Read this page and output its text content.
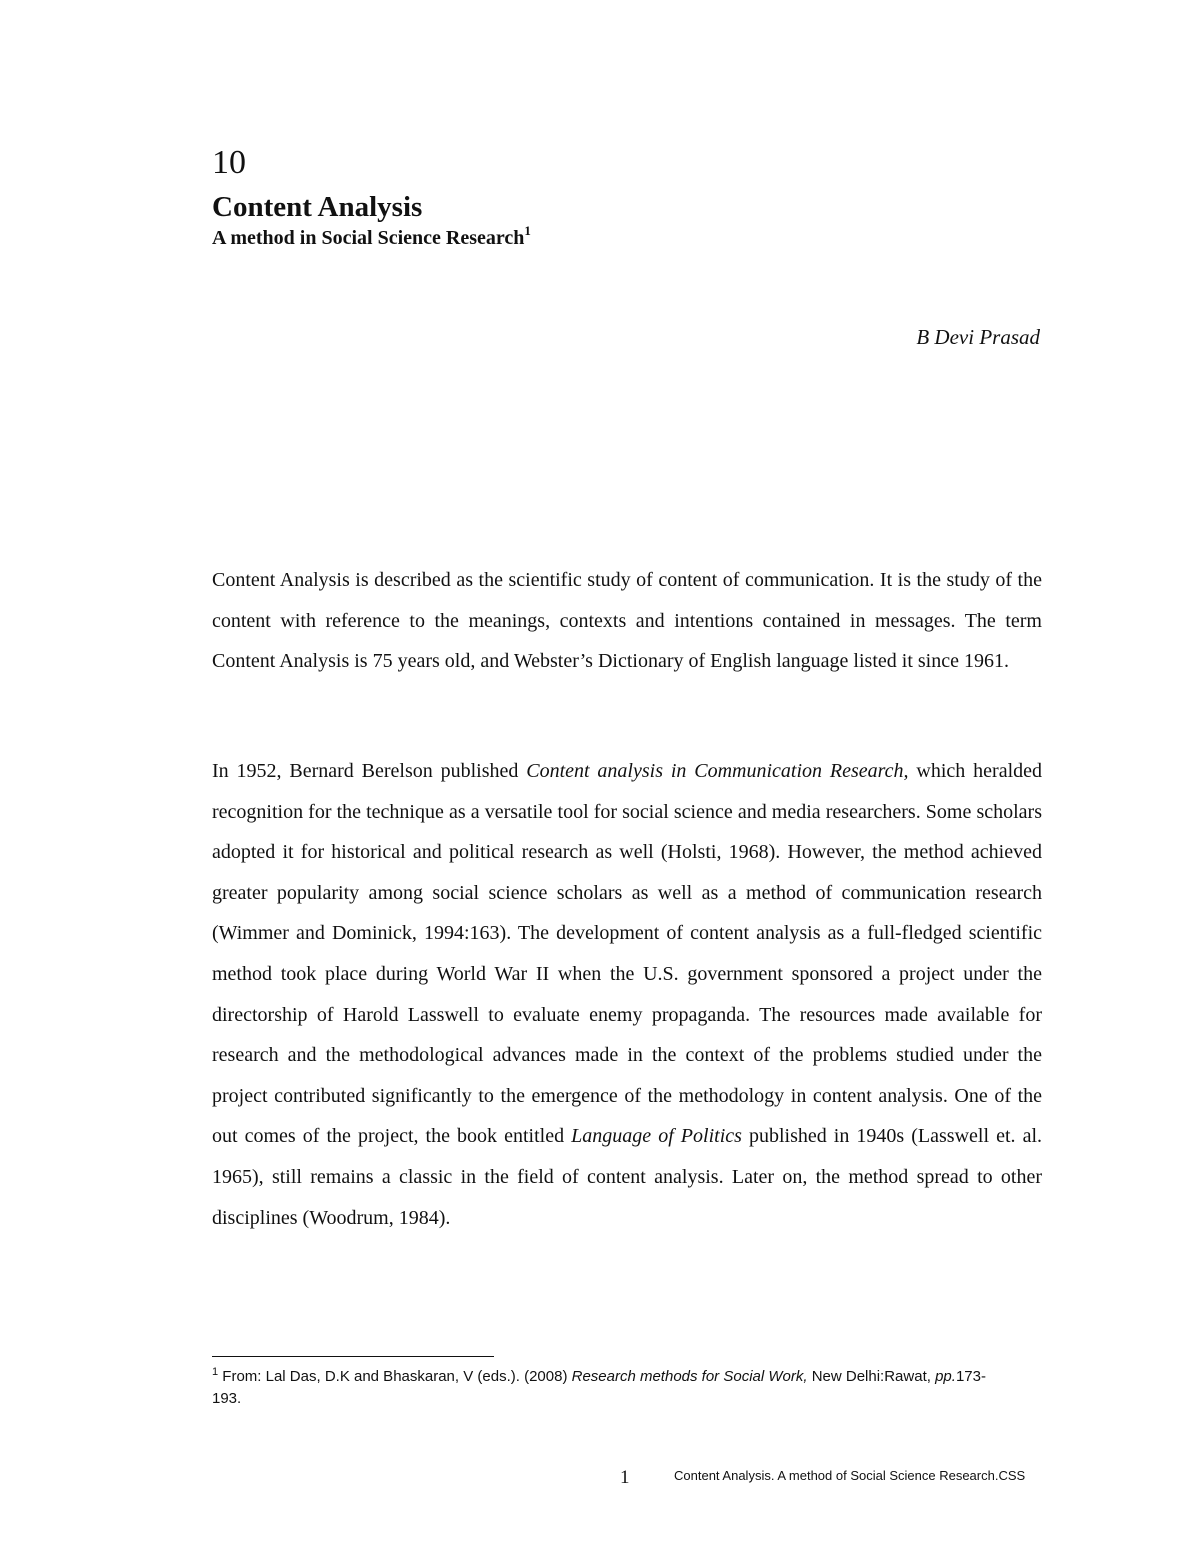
10
Content Analysis
A method in Social Science Research$^1$

B Devi Prasad

Content Analysis is described as the scientific study of content of communication. It is the study of the content with reference to the meanings, contexts and intentions contained in messages. The term Content Analysis is 75 years old, and Webster’s Dictionary of English language listed it since 1961.

In 1952, Bernard Berelson published Content analysis in Communication Research, which heralded recognition for the technique as a versatile tool for social science and media researchers. Some scholars adopted it for historical and political research as well (Holsti, 1968). However, the method achieved greater popularity among social science scholars as well as a method of communication research (Wimmer and Dominick, 1994:163). The development of content analysis as a full-fledged scientific method took place during World War II when the U.S. government sponsored a project under the directorship of Harold Lasswell to evaluate enemy propaganda. The resources made available for research and the methodological advances made in the context of the problems studied under the project contributed significantly to the emergence of the methodology in content analysis. One of the out comes of the project, the book entitled Language of Politics published in 1940s (Lasswell et. al. 1965), still remains a classic in the field of content analysis. Later on, the method spread to other disciplines (Woodrum, 1984).

$^1$ From: Lal Das, D.K and Bhaskaran, V (eds.). (2008) Research methods for Social Work, New Delhi:Rawat, pp.173-193.

1	Content Analysis. A method of Social Science Research.CSS
